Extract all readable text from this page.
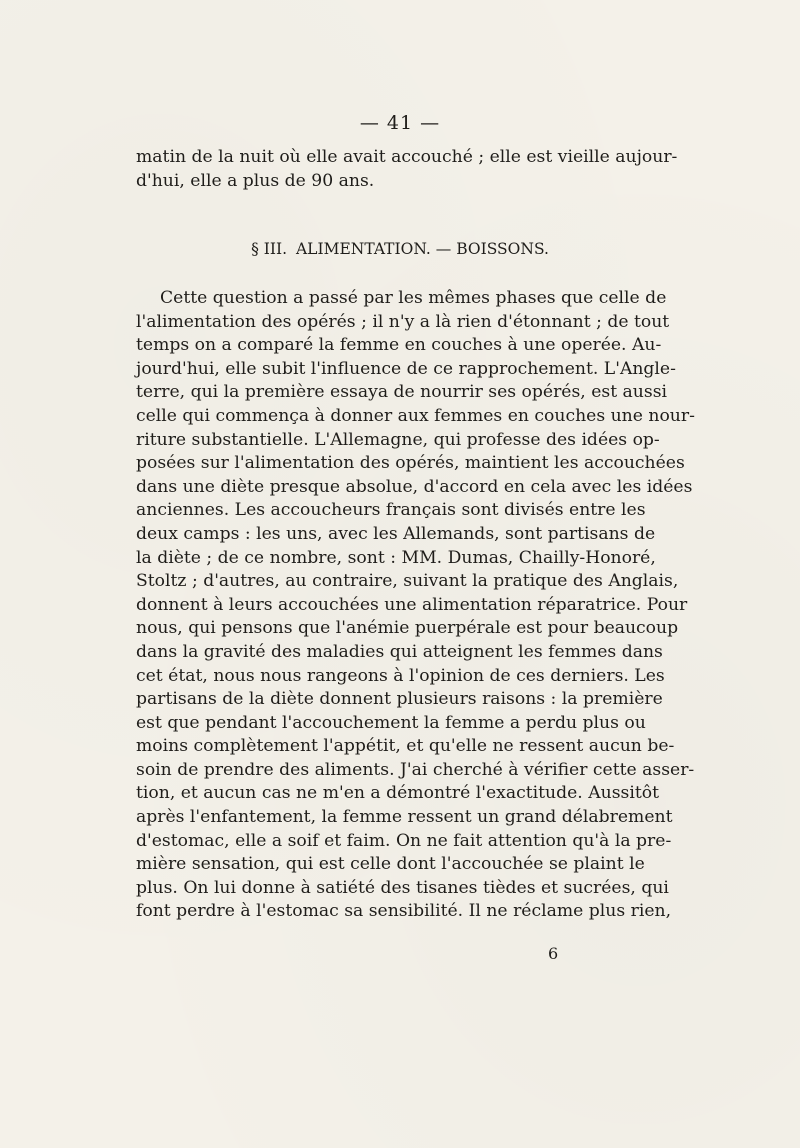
— 41 —
matin de la nuit où elle avait accouché ; elle est vieille aujour-
d'hui, elle a plus de 90 ans.
§ III. ALIMENTATION. — BOISSONS.
Cette question a passé par les mêmes phases que celle de
l'alimentation des opérés ; il n'y a là rien d'étonnant ; de tout
temps on a comparé la femme en couches à une operée. Au-
jourd'hui, elle subit l'influence de ce rapprochement. L'Angle-
terre, qui la première essaya de nourrir ses opérés, est aussi
celle qui commença à donner aux femmes en couches une nour-
riture substantielle. L'Allemagne, qui professe des idées op-
posées sur l'alimentation des opérés, maintient les accouchées
dans une diète presque absolue, d'accord en cela avec les idées
anciennes. Les accoucheurs français sont divisés entre les
deux camps : les uns, avec les Allemands, sont partisans de
la diète ; de ce nombre, sont : MM. Dumas, Chailly-Honoré,
Stoltz ; d'autres, au contraire, suivant la pratique des Anglais,
donnent à leurs accouchées une alimentation réparatrice. Pour
nous, qui pensons que l'anémie puerpérale est pour beaucoup
dans la gravité des maladies qui atteignent les femmes dans
cet état, nous nous rangeons à l'opinion de ces derniers. Les
partisans de la diète donnent plusieurs raisons : la première
est que pendant l'accouchement la femme a perdu plus ou
moins complètement l'appétit, et qu'elle ne ressent aucun be-
soin de prendre des aliments. J'ai cherché à vérifier cette asser-
tion, et aucun cas ne m'en a démontré l'exactitude. Aussitôt
après l'enfantement, la femme ressent un grand délabrement
d'estomac, elle a soif et faim. On ne fait attention qu'à la pre-
mière sensation, qui est celle dont l'accouchée se plaint le
plus. On lui donne à satiété des tisanes tièdes et sucrées, qui
font perdre à l'estomac sa sensibilité. Il ne réclame plus rien,
6
